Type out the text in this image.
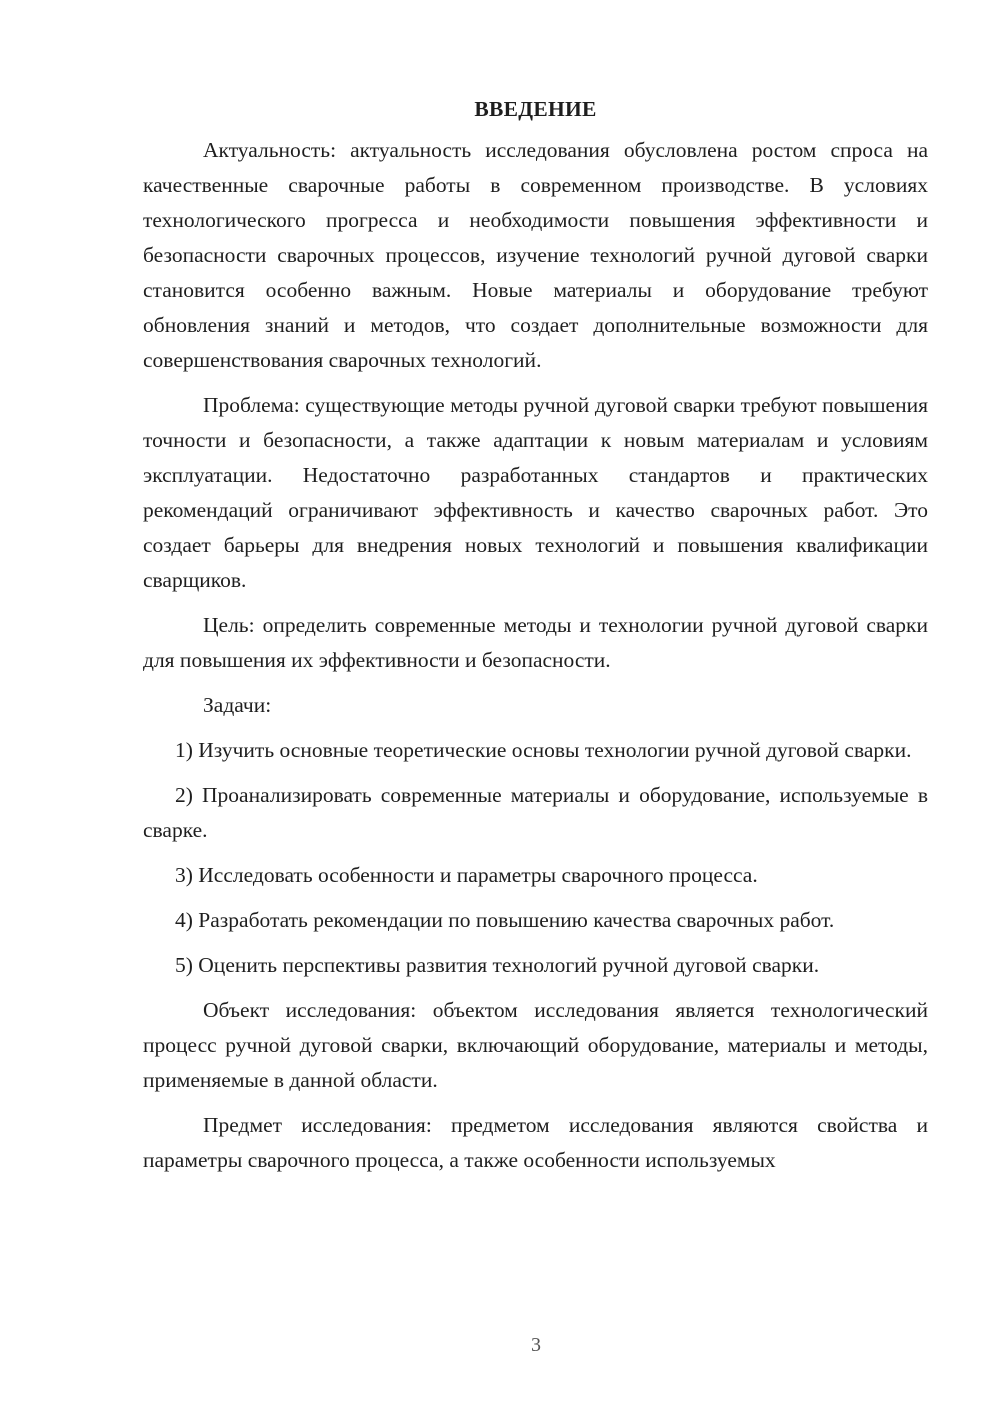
ВВЕДЕНИЕ

Актуальность: актуальность исследования обусловлена ростом спроса на качественные сварочные работы в современном производстве. В условиях технологического прогресса и необходимости повышения эффективности и безопасности сварочных процессов, изучение технологий ручной дуговой сварки становится особенно важным. Новые материалы и оборудование требуют обновления знаний и методов, что создает дополнительные возможности для совершенствования сварочных технологий.

Проблема: существующие методы ручной дуговой сварки требуют повышения точности и безопасности, а также адаптации к новым материалам и условиям эксплуатации. Недостаточно разработанных стандартов и практических рекомендаций ограничивают эффективность и качество сварочных работ. Это создает барьеры для внедрения новых технологий и повышения квалификации сварщиков.

Цель: определить современные методы и технологии ручной дуговой сварки для повышения их эффективности и безопасности.

Задачи:

1) Изучить основные теоретические основы технологии ручной дуговой сварки.

2) Проанализировать современные материалы и оборудование, используемые в сварке.

3) Исследовать особенности и параметры сварочного процесса.

4) Разработать рекомендации по повышению качества сварочных работ.

5) Оценить перспективы развития технологий ручной дуговой сварки.

Объект исследования: объектом исследования является технологический процесс ручной дуговой сварки, включающий оборудование, материалы и методы, применяемые в данной области.

Предмет исследования: предметом исследования являются свойства и параметры сварочного процесса, а также особенности используемых

3
